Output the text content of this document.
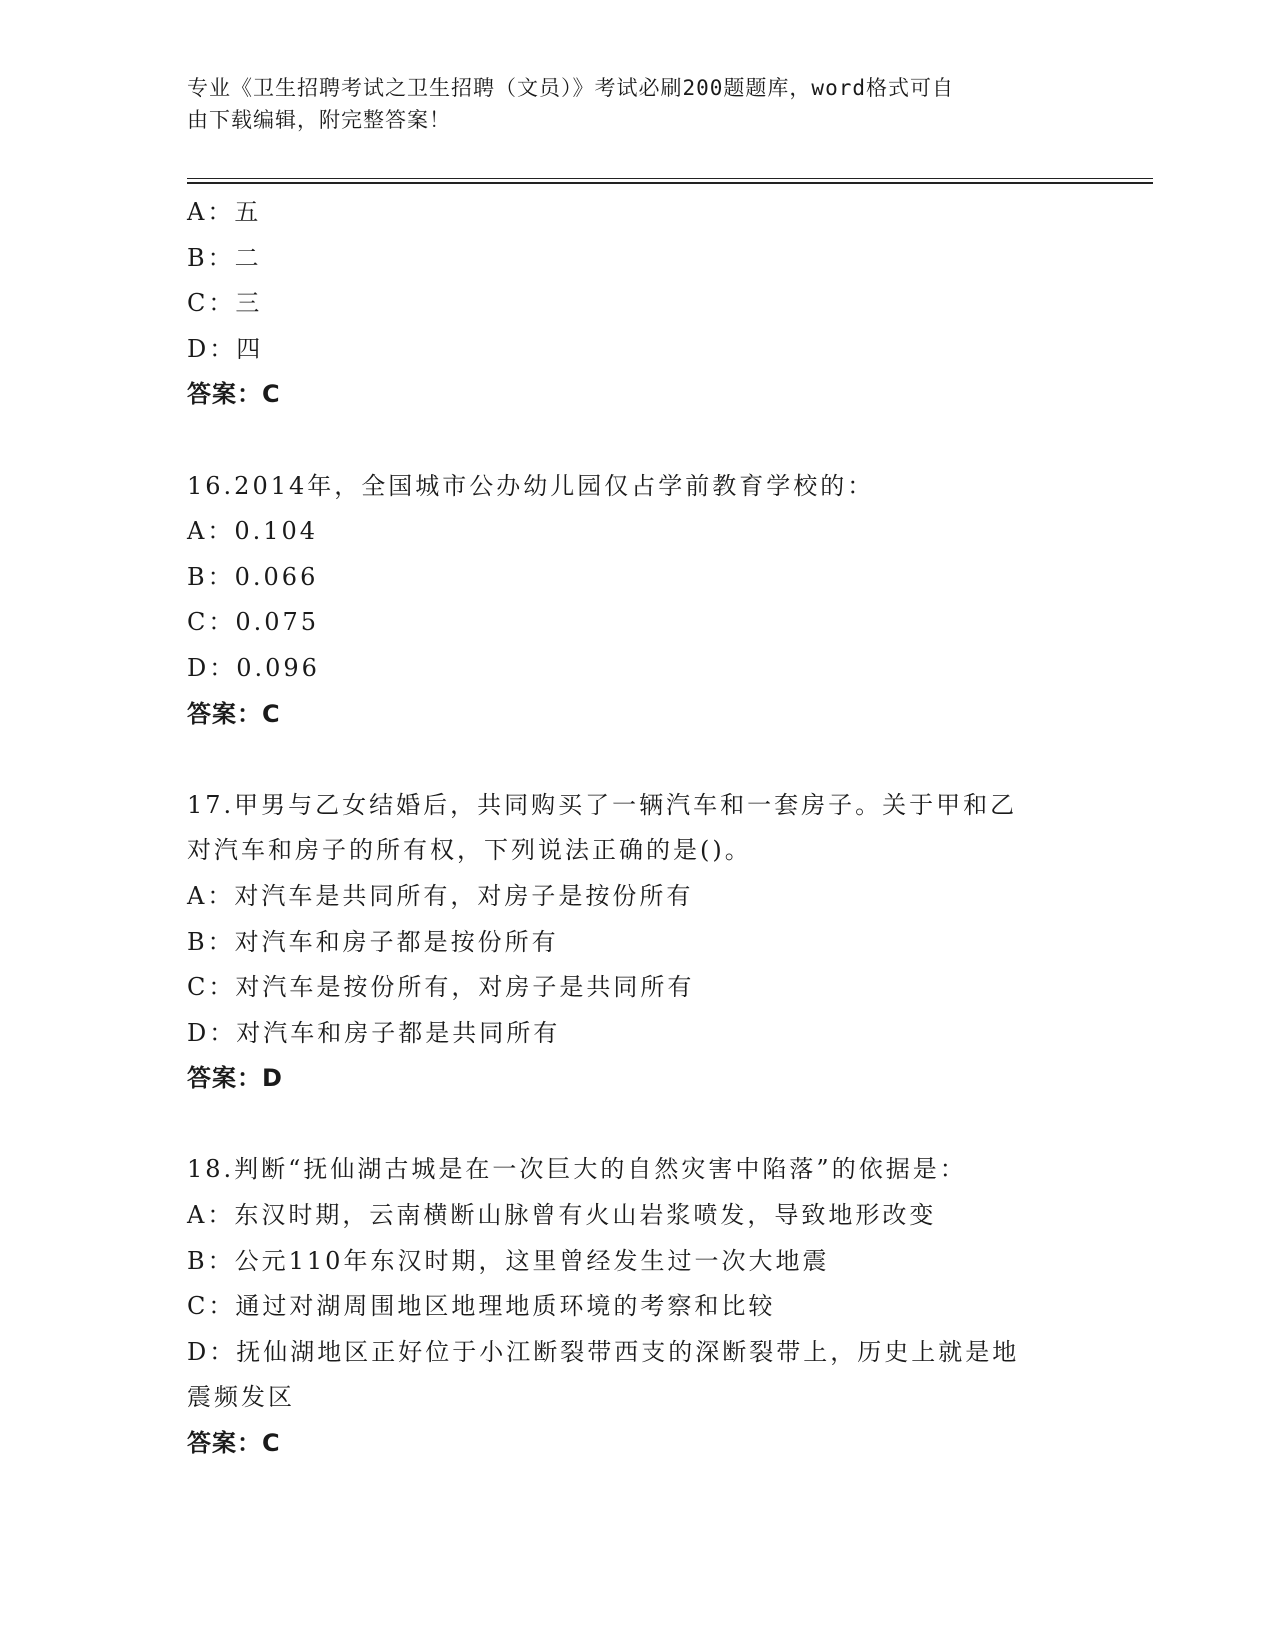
专业《卫生招聘考试之卫生招聘（文员）》考试必刷200题题库，word格式可自
由下载编辑，附完整答案！
A：五
B：二
C：三
D：四
答案：C
16.2014年，全国城市公办幼儿园仅占学前教育学校的：
A：0.104
B：0.066
C：0.075
D：0.096
答案：C
17.甲男与乙女结婚后，共同购买了一辆汽车和一套房子。关于甲和乙
对汽车和房子的所有权，下列说法正确的是()。
A：对汽车是共同所有，对房子是按份所有
B：对汽车和房子都是按份所有
C：对汽车是按份所有，对房子是共同所有
D：对汽车和房子都是共同所有
答案：D
18.判断“抚仙湖古城是在一次巨大的自然灾害中陷落”的依据是：
A：东汉时期，云南横断山脉曾有火山岩浆喷发，导致地形改变
B：公元110年东汉时期，这里曾经发生过一次大地震
C：通过对湖周围地区地理地质环境的考察和比较
D：抚仙湖地区正好位于小江断裂带西支的深断裂带上，历史上就是地
震频发区
答案：C
